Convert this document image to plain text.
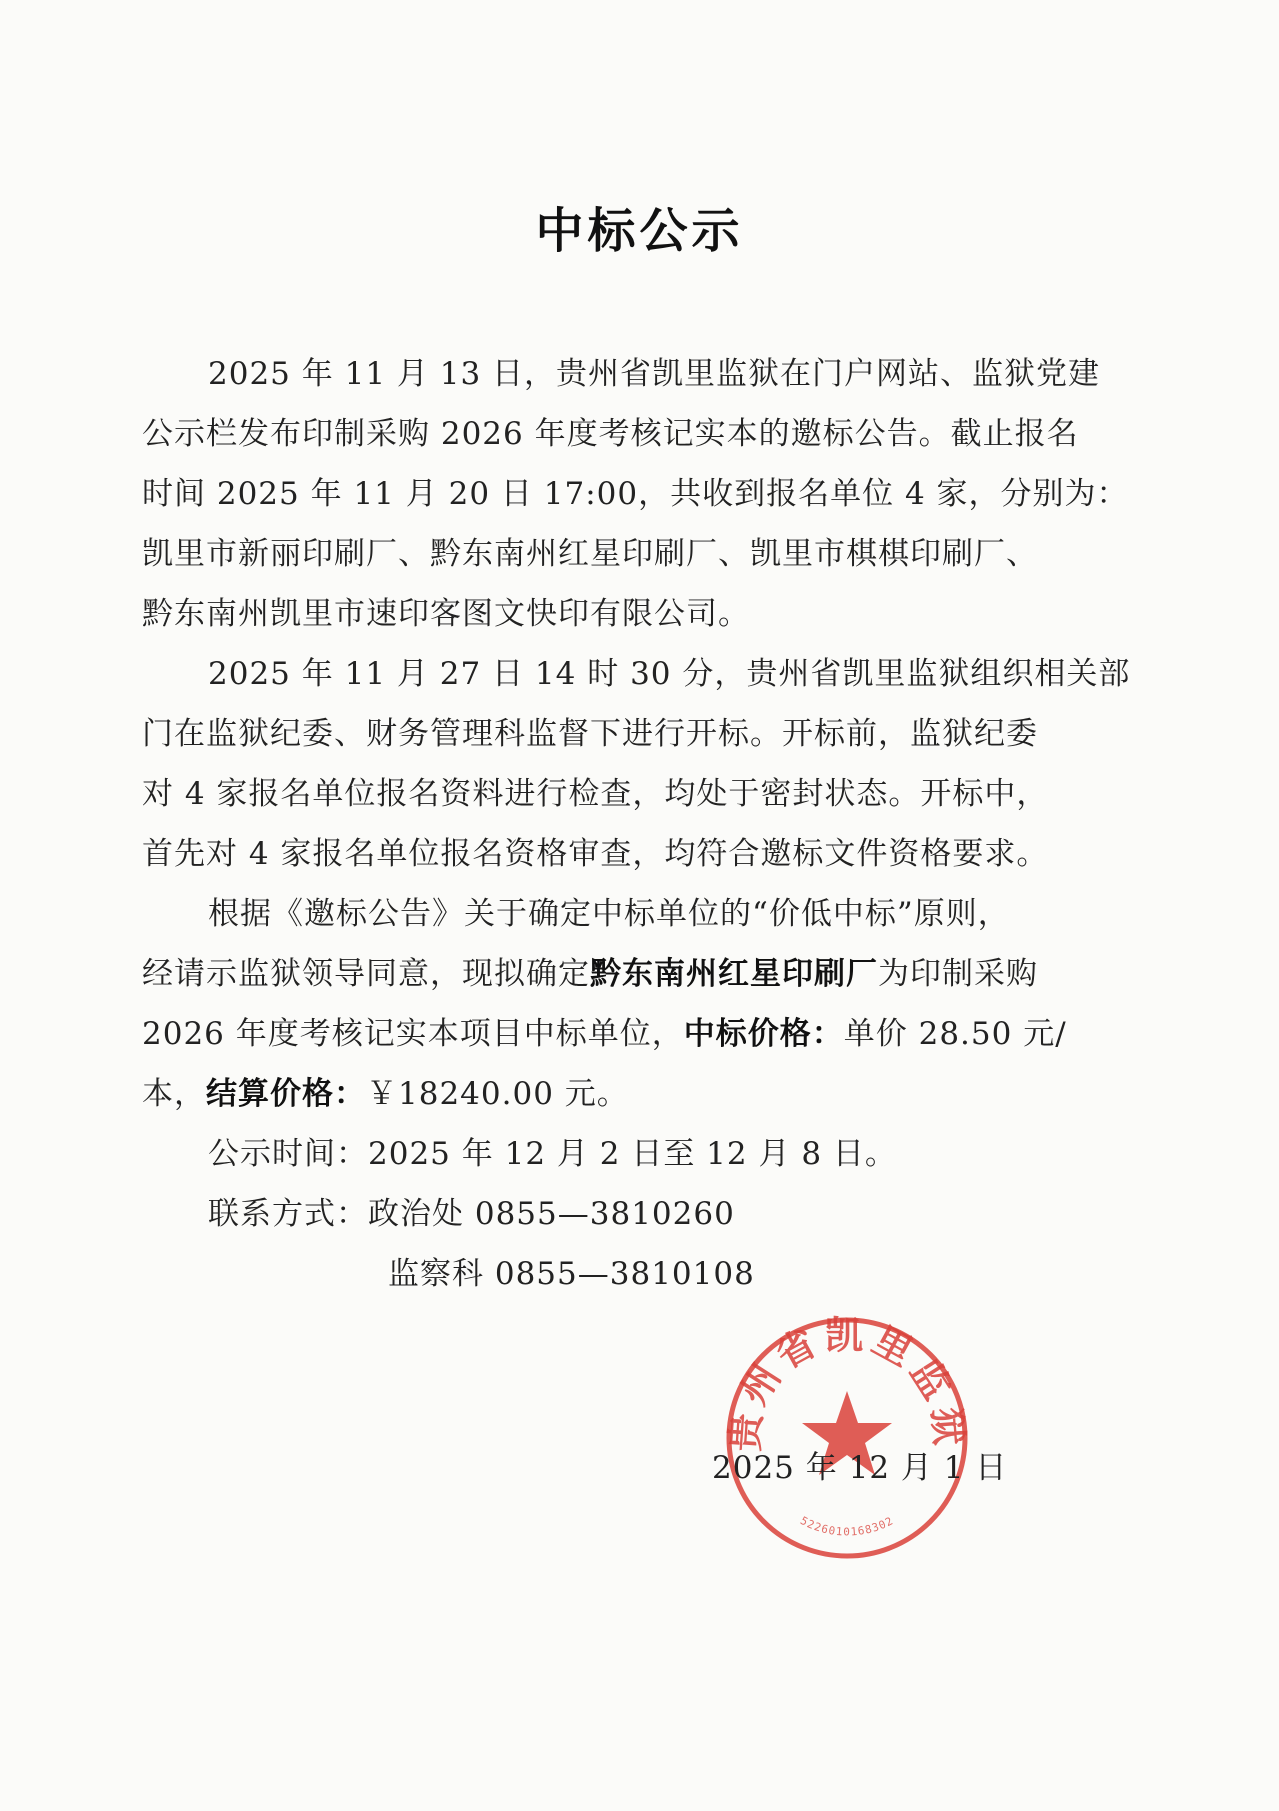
中标公示
2025 年 11 月 13 日，贵州省凯里监狱在门户网站、监狱党建
公示栏发布印制采购 2026 年度考核记实本的邀标公告。截止报名
时间 2025 年 11 月 20 日 17:00，共收到报名单位 4 家，分别为：
凯里市新丽印刷厂、黔东南州红星印刷厂、凯里市棋棋印刷厂、
黔东南州凯里市速印客图文快印有限公司。
2025 年 11 月 27 日 14 时 30 分，贵州省凯里监狱组织相关部
门在监狱纪委、财务管理科监督下进行开标。开标前，监狱纪委
对 4 家报名单位报名资料进行检查，均处于密封状态。开标中，
首先对 4 家报名单位报名资格审查，均符合邀标文件资格要求。
根据《邀标公告》关于确定中标单位的“价低中标”原则，
经请示监狱领导同意，现拟确定黔东南州红星印刷厂为印制采购
2026 年度考核记实本项目中标单位，中标价格：单价 28.50 元/
本，结算价格：￥18240.00 元。
公示时间：2025 年 12 月 2 日至 12 月 8 日。
联系方式：政治处 0855—3810260
监察科 0855—3810108
贵州省凯里监狱
5226010168302
2025 年 12 月 1 日
